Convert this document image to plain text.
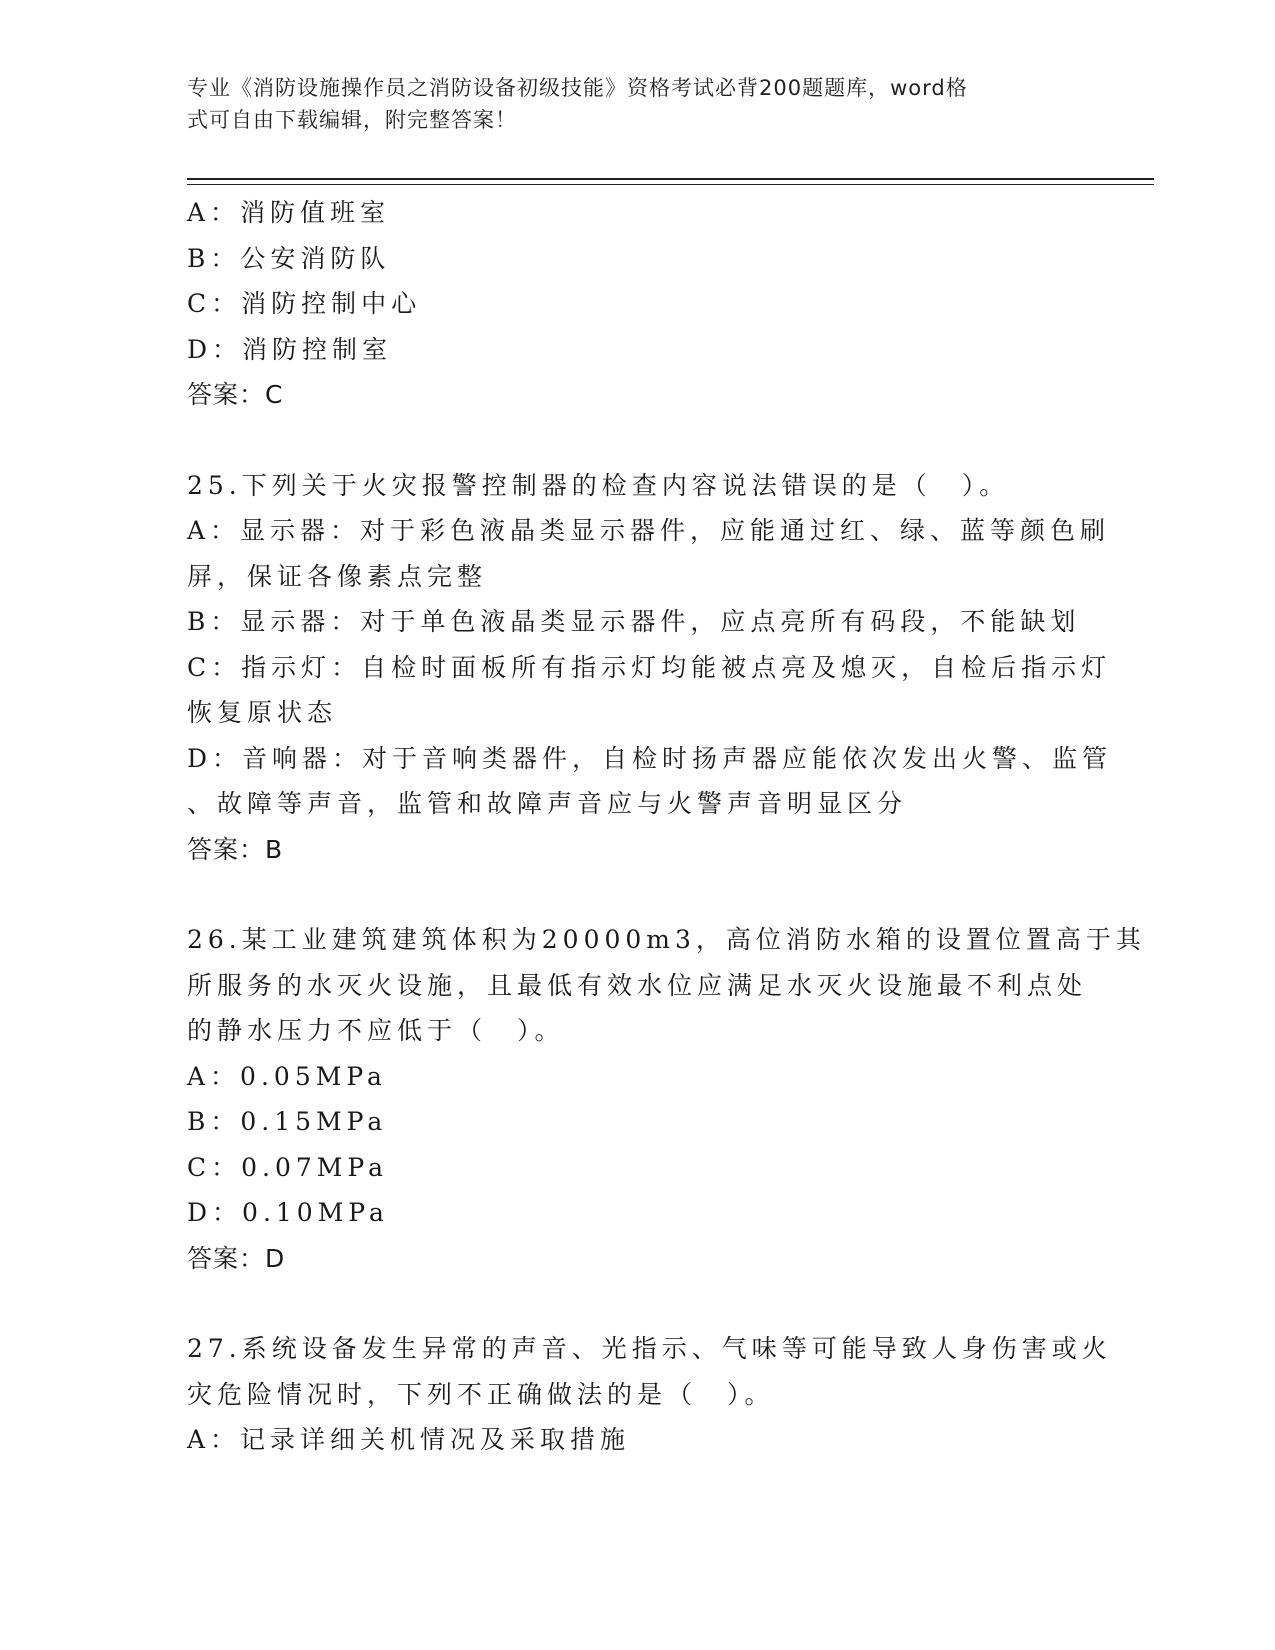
专业《消防设施操作员之消防设备初级技能》资格考试必背200题题库，word格
式可自由下载编辑，附完整答案！
A：消防值班室
B：公安消防队
C：消防控制中心
D：消防控制室
答案：C
25.下列关于火灾报警控制器的检查内容说法错误的是（　）。
A：显示器：对于彩色液晶类显示器件，应能通过红、绿、蓝等颜色刷
屏，保证各像素点完整
B：显示器：对于单色液晶类显示器件，应点亮所有码段，不能缺划
C：指示灯：自检时面板所有指示灯均能被点亮及熄灭，自检后指示灯
恢复原状态
D：音响器：对于音响类器件，自检时扬声器应能依次发出火警、监管
、故障等声音，监管和故障声音应与火警声音明显区分
答案：B
26.某工业建筑建筑体积为20000m3，高位消防水箱的设置位置高于其
所服务的水灭火设施，且最低有效水位应满足水灭火设施最不利点处
的静水压力不应低于（　）。
A：0.05MPa
B：0.15MPa
C：0.07MPa
D：0.10MPa
答案：D
27.系统设备发生异常的声音、光指示、气味等可能导致人身伤害或火
灾危险情况时，下列不正确做法的是（　）。
A：记录详细关机情况及采取措施
